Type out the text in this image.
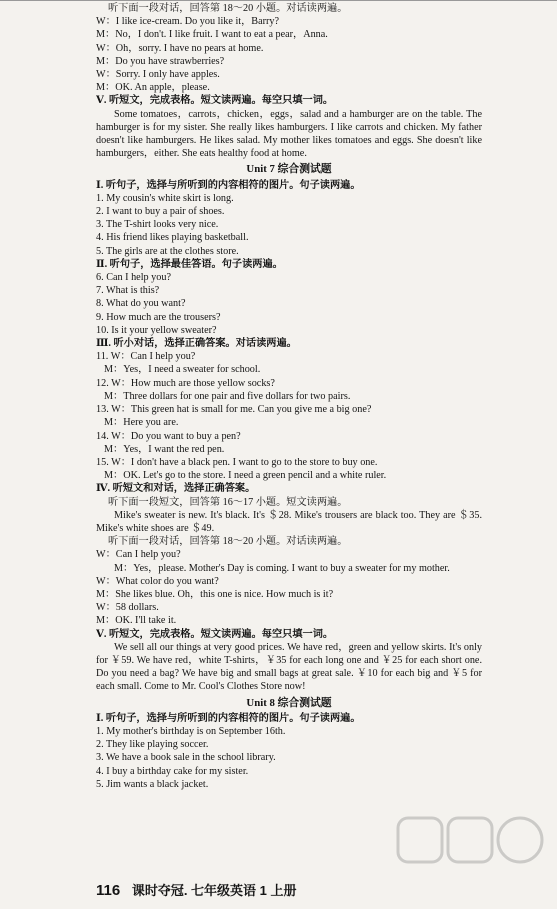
听下面一段对话，回答第 18～20 小题。对话读两遍。
W：I like ice-cream. Do you like it，Barry?
M：No，I don't. I like fruit. I want to eat a pear，Anna.
W：Oh，sorry. I have no pears at home.
M：Do you have strawberries?
W：Sorry. I only have apples.
M：OK. An apple，please.
Ⅴ. 听短文，完成表格。短文读两遍。每空只填一词。
Some tomatoes，carrots，chicken，eggs，salad and a hamburger are on the table. The hamburger is for my sister. She really likes hamburgers. I like carrots and chicken. My father doesn't like hamburgers. He likes salad. My mother likes tomatoes and eggs. She doesn't like hamburgers，either. She eats healthy food at home.
Unit 7 综合测试题
Ⅰ. 听句子，选择与所听到的内容相符的图片。句子读两遍。
1. My cousin's white skirt is long.
2. I want to buy a pair of shoes.
3. The T-shirt looks very nice.
4. His friend likes playing basketball.
5. The girls are at the clothes store.
Ⅱ. 听句子，选择最佳答语。句子读两遍。
6. Can I help you?
7. What is this?
8. What do you want?
9. How much are the trousers?
10. Is it your yellow sweater?
Ⅲ. 听小对话，选择正确答案。对话读两遍。
11. W：Can I help you?
M：Yes，I need a sweater for school.
12. W：How much are those yellow socks?
M：Three dollars for one pair and five dollars for two pairs.
13. W：This green hat is small for me. Can you give me a big one?
M：Here you are.
14. W：Do you want to buy a pen?
M：Yes，I want the red pen.
15. W：I don't have a black pen. I want to go to the store to buy one.
M：OK. Let's go to the store. I need a green pencil and a white ruler.
Ⅳ. 听短文和对话，选择正确答案。
听下面一段短文，回答第 16～17 小题。短文读两遍。
Mike's sweater is new. It's black. It's ＄28. Mike's trousers are black too. They are ＄35. Mike's white shoes are ＄49.
听下面一段对话，回答第 18～20 小题。对话读两遍。
W：Can I help you?
M：Yes，please. Mother's Day is coming. I want to buy a sweater for my mother.
W：What color do you want?
M：She likes blue. Oh，this one is nice. How much is it?
W：58 dollars.
M：OK. I'll take it.
Ⅴ. 听短文，完成表格。短文读两遍。每空只填一词。
We sell all our things at very good prices. We have red，green and yellow skirts. It's only for ￥59. We have red，white T-shirts，￥35 for each long one and ￥25 for each short one. Do you need a bag? We have big and small bags at great sale. ￥10 for each big and ￥5 for each small. Come to Mr. Cool's Clothes Store now!
Unit 8 综合测试题
Ⅰ. 听句子，选择与所听到的内容相符的图片。句子读两遍。
1. My mother's birthday is on September 16th.
2. They like playing soccer.
3. We have a book sale in the school library.
4. I buy a birthday cake for my sister.
5. Jim wants a black jacket.
116 课时夺冠. 七年级英语 1 上册
